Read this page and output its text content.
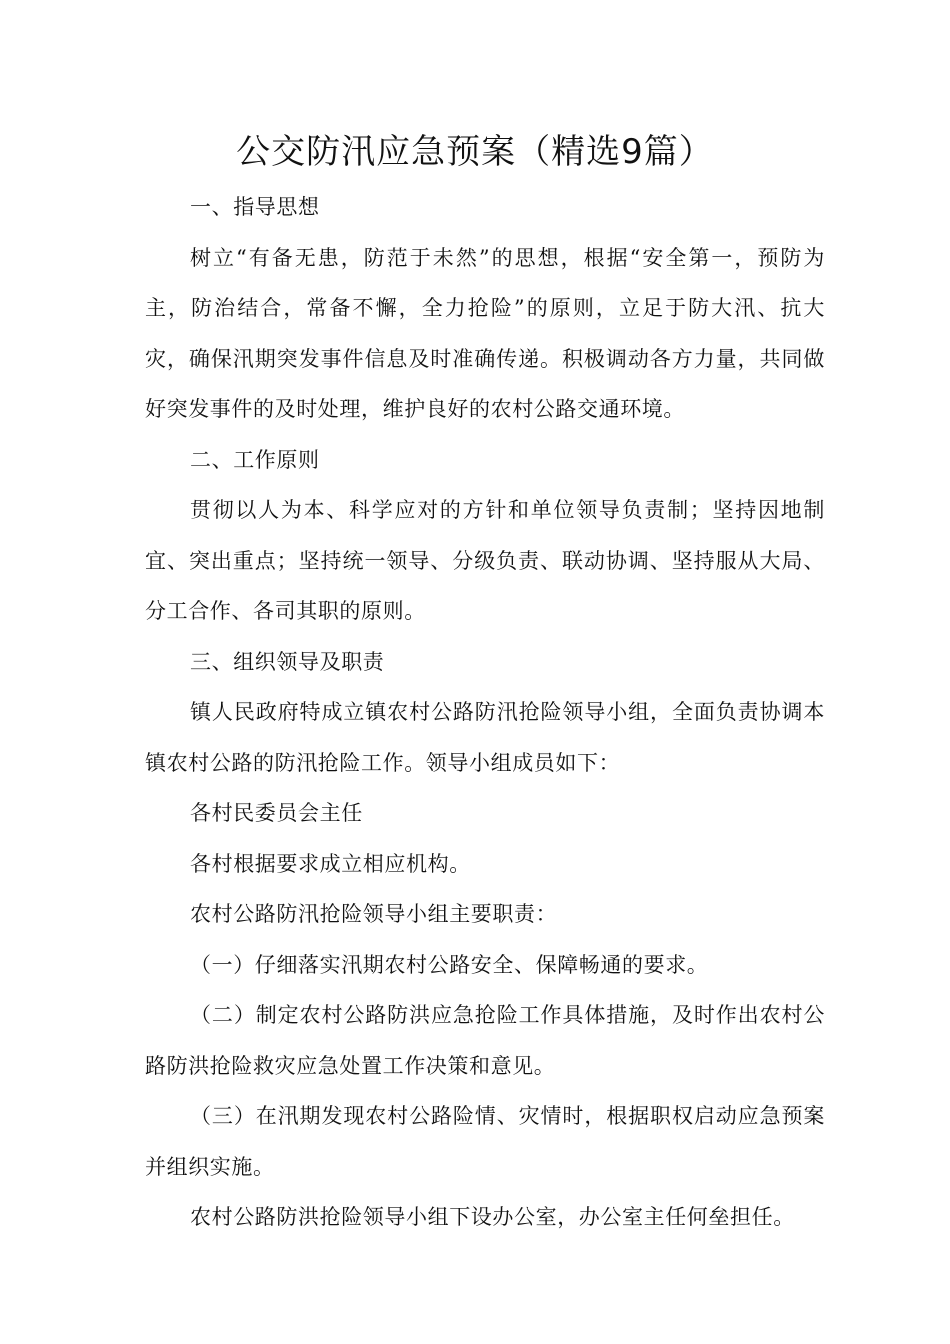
公交防汛应急预案（精选9篇）

一、指导思想

树立“有备无患，防范于未然”的思想，根据“安全第一，预防为主，防治结合，常备不懈，全力抢险”的原则，立足于防大汛、抗大灾，确保汛期突发事件信息及时准确传递。积极调动各方力量，共同做好突发事件的及时处理，维护良好的农村公路交通环境。

二、工作原则

贯彻以人为本、科学应对的方针和单位领导负责制；坚持因地制宜、突出重点；坚持统一领导、分级负责、联动协调、坚持服从大局、分工合作、各司其职的原则。

三、组织领导及职责

镇人民政府特成立镇农村公路防汛抢险领导小组，全面负责协调本镇农村公路的防汛抢险工作。领导小组成员如下：

各村民委员会主任

各村根据要求成立相应机构。

农村公路防汛抢险领导小组主要职责：

（一）仔细落实汛期农村公路安全、保障畅通的要求。

（二）制定农村公路防洪应急抢险工作具体措施，及时作出农村公路防洪抢险救灾应急处置工作决策和意见。

（三）在汛期发现农村公路险情、灾情时，根据职权启动应急预案并组织实施。

农村公路防洪抢险领导小组下设办公室，办公室主任何垒担任。
